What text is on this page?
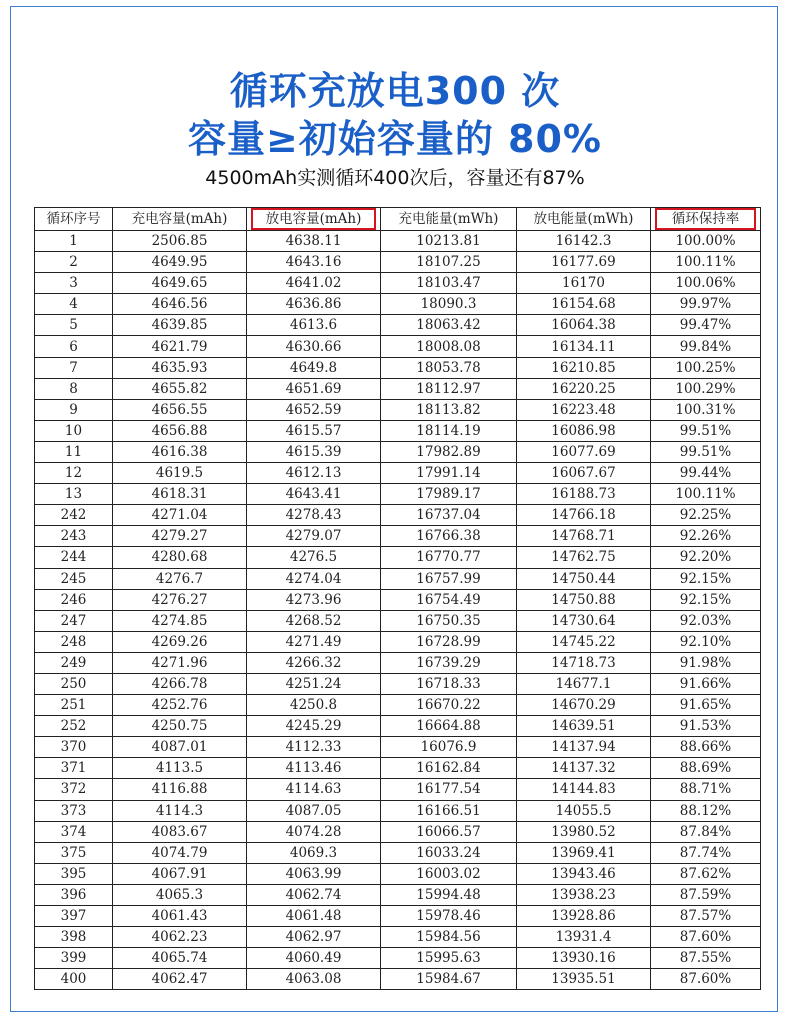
循环充放电300 次
容量≥初始容量的 80%
4500mAh实测循环400次后，容量还有87%
循环序号	充电容量(mAh)	放电容量(mAh)	充电能量(mWh)	放电能量(mWh)	循环保持率

1	2506.85	4638.11	10213.81	16142.3	100.00%
2	4649.95	4643.16	18107.25	16177.69	100.11%
3	4649.65	4641.02	18103.47	16170	100.06%
4	4646.56	4636.86	18090.3	16154.68	99.97%
5	4639.85	4613.6	18063.42	16064.38	99.47%
6	4621.79	4630.66	18008.08	16134.11	99.84%
7	4635.93	4649.8	18053.78	16210.85	100.25%
8	4655.82	4651.69	18112.97	16220.25	100.29%
9	4656.55	4652.59	18113.82	16223.48	100.31%
10	4656.88	4615.57	18114.19	16086.98	99.51%
11	4616.38	4615.39	17982.89	16077.69	99.51%
12	4619.5	4612.13	17991.14	16067.67	99.44%
13	4618.31	4643.41	17989.17	16188.73	100.11%
242	4271.04	4278.43	16737.04	14766.18	92.25%
243	4279.27	4279.07	16766.38	14768.71	92.26%
244	4280.68	4276.5	16770.77	14762.75	92.20%
245	4276.7	4274.04	16757.99	14750.44	92.15%
246	4276.27	4273.96	16754.49	14750.88	92.15%
247	4274.85	4268.52	16750.35	14730.64	92.03%
248	4269.26	4271.49	16728.99	14745.22	92.10%
249	4271.96	4266.32	16739.29	14718.73	91.98%
250	4266.78	4251.24	16718.33	14677.1	91.66%
251	4252.76	4250.8	16670.22	14670.29	91.65%
252	4250.75	4245.29	16664.88	14639.51	91.53%
370	4087.01	4112.33	16076.9	14137.94	88.66%
371	4113.5	4113.46	16162.84	14137.32	88.69%
372	4116.88	4114.63	16177.54	14144.83	88.71%
373	4114.3	4087.05	16166.51	14055.5	88.12%
374	4083.67	4074.28	16066.57	13980.52	87.84%
375	4074.79	4069.3	16033.24	13969.41	87.74%
395	4067.91	4063.99	16003.02	13943.46	87.62%
396	4065.3	4062.74	15994.48	13938.23	87.59%
397	4061.43	4061.48	15978.46	13928.86	87.57%
398	4062.23	4062.97	15984.56	13931.4	87.60%
399	4065.74	4060.49	15995.63	13930.16	87.55%
400	4062.47	4063.08	15984.67	13935.51	87.60%
